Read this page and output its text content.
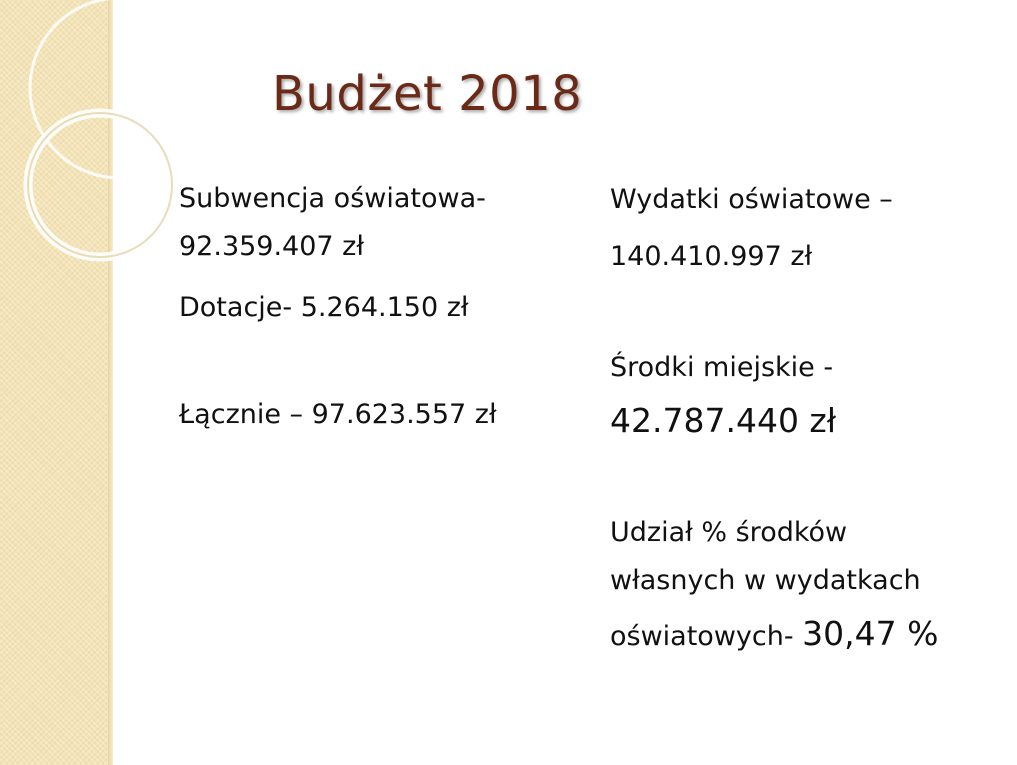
Budżet 2018

Subwencja oświatowa-

92.359.407 zł

Dotacje- 5.264.150 zł

Łącznie – 97.623.557 zł

Wydatki oświatowe –

140.410.997 zł

Środki miejskie -

42.787.440 zł

Udział % środków

własnych w wydatkach

oświatowych- 30,47 %
